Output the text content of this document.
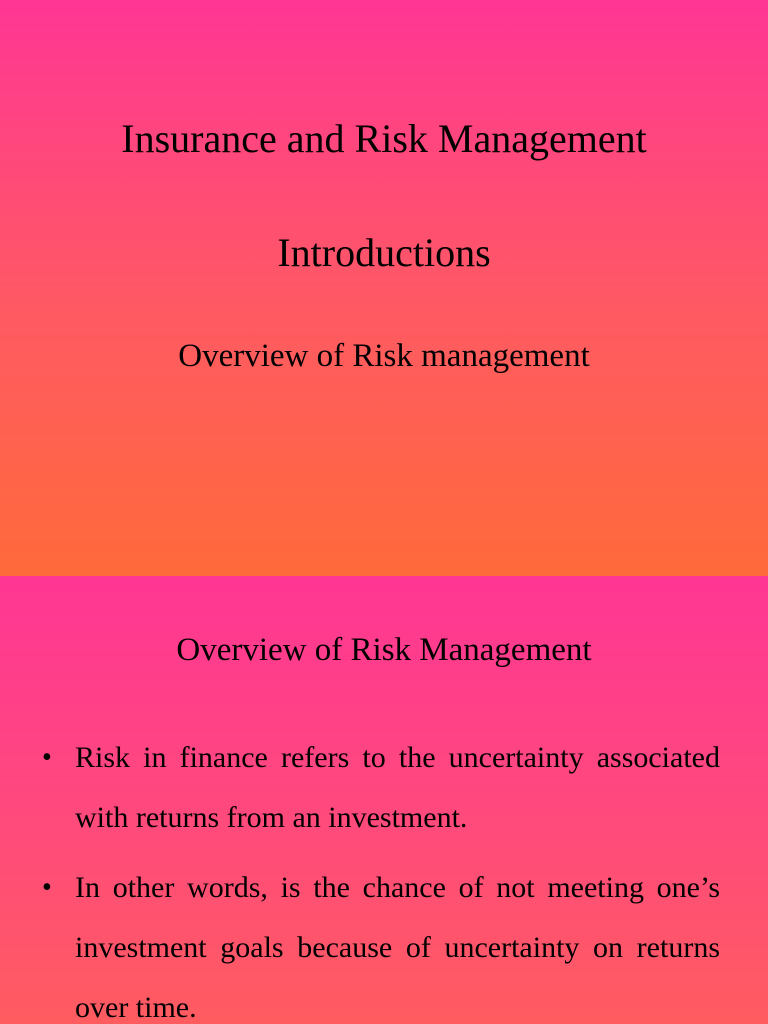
Insurance and Risk Management
Introductions
Overview of Risk management
Overview of Risk Management
• Risk in finance refers to the uncertainty associated with returns from an investment.
• In other words, is the chance of not meeting one’s investment goals because of uncertainty on returns over time.
